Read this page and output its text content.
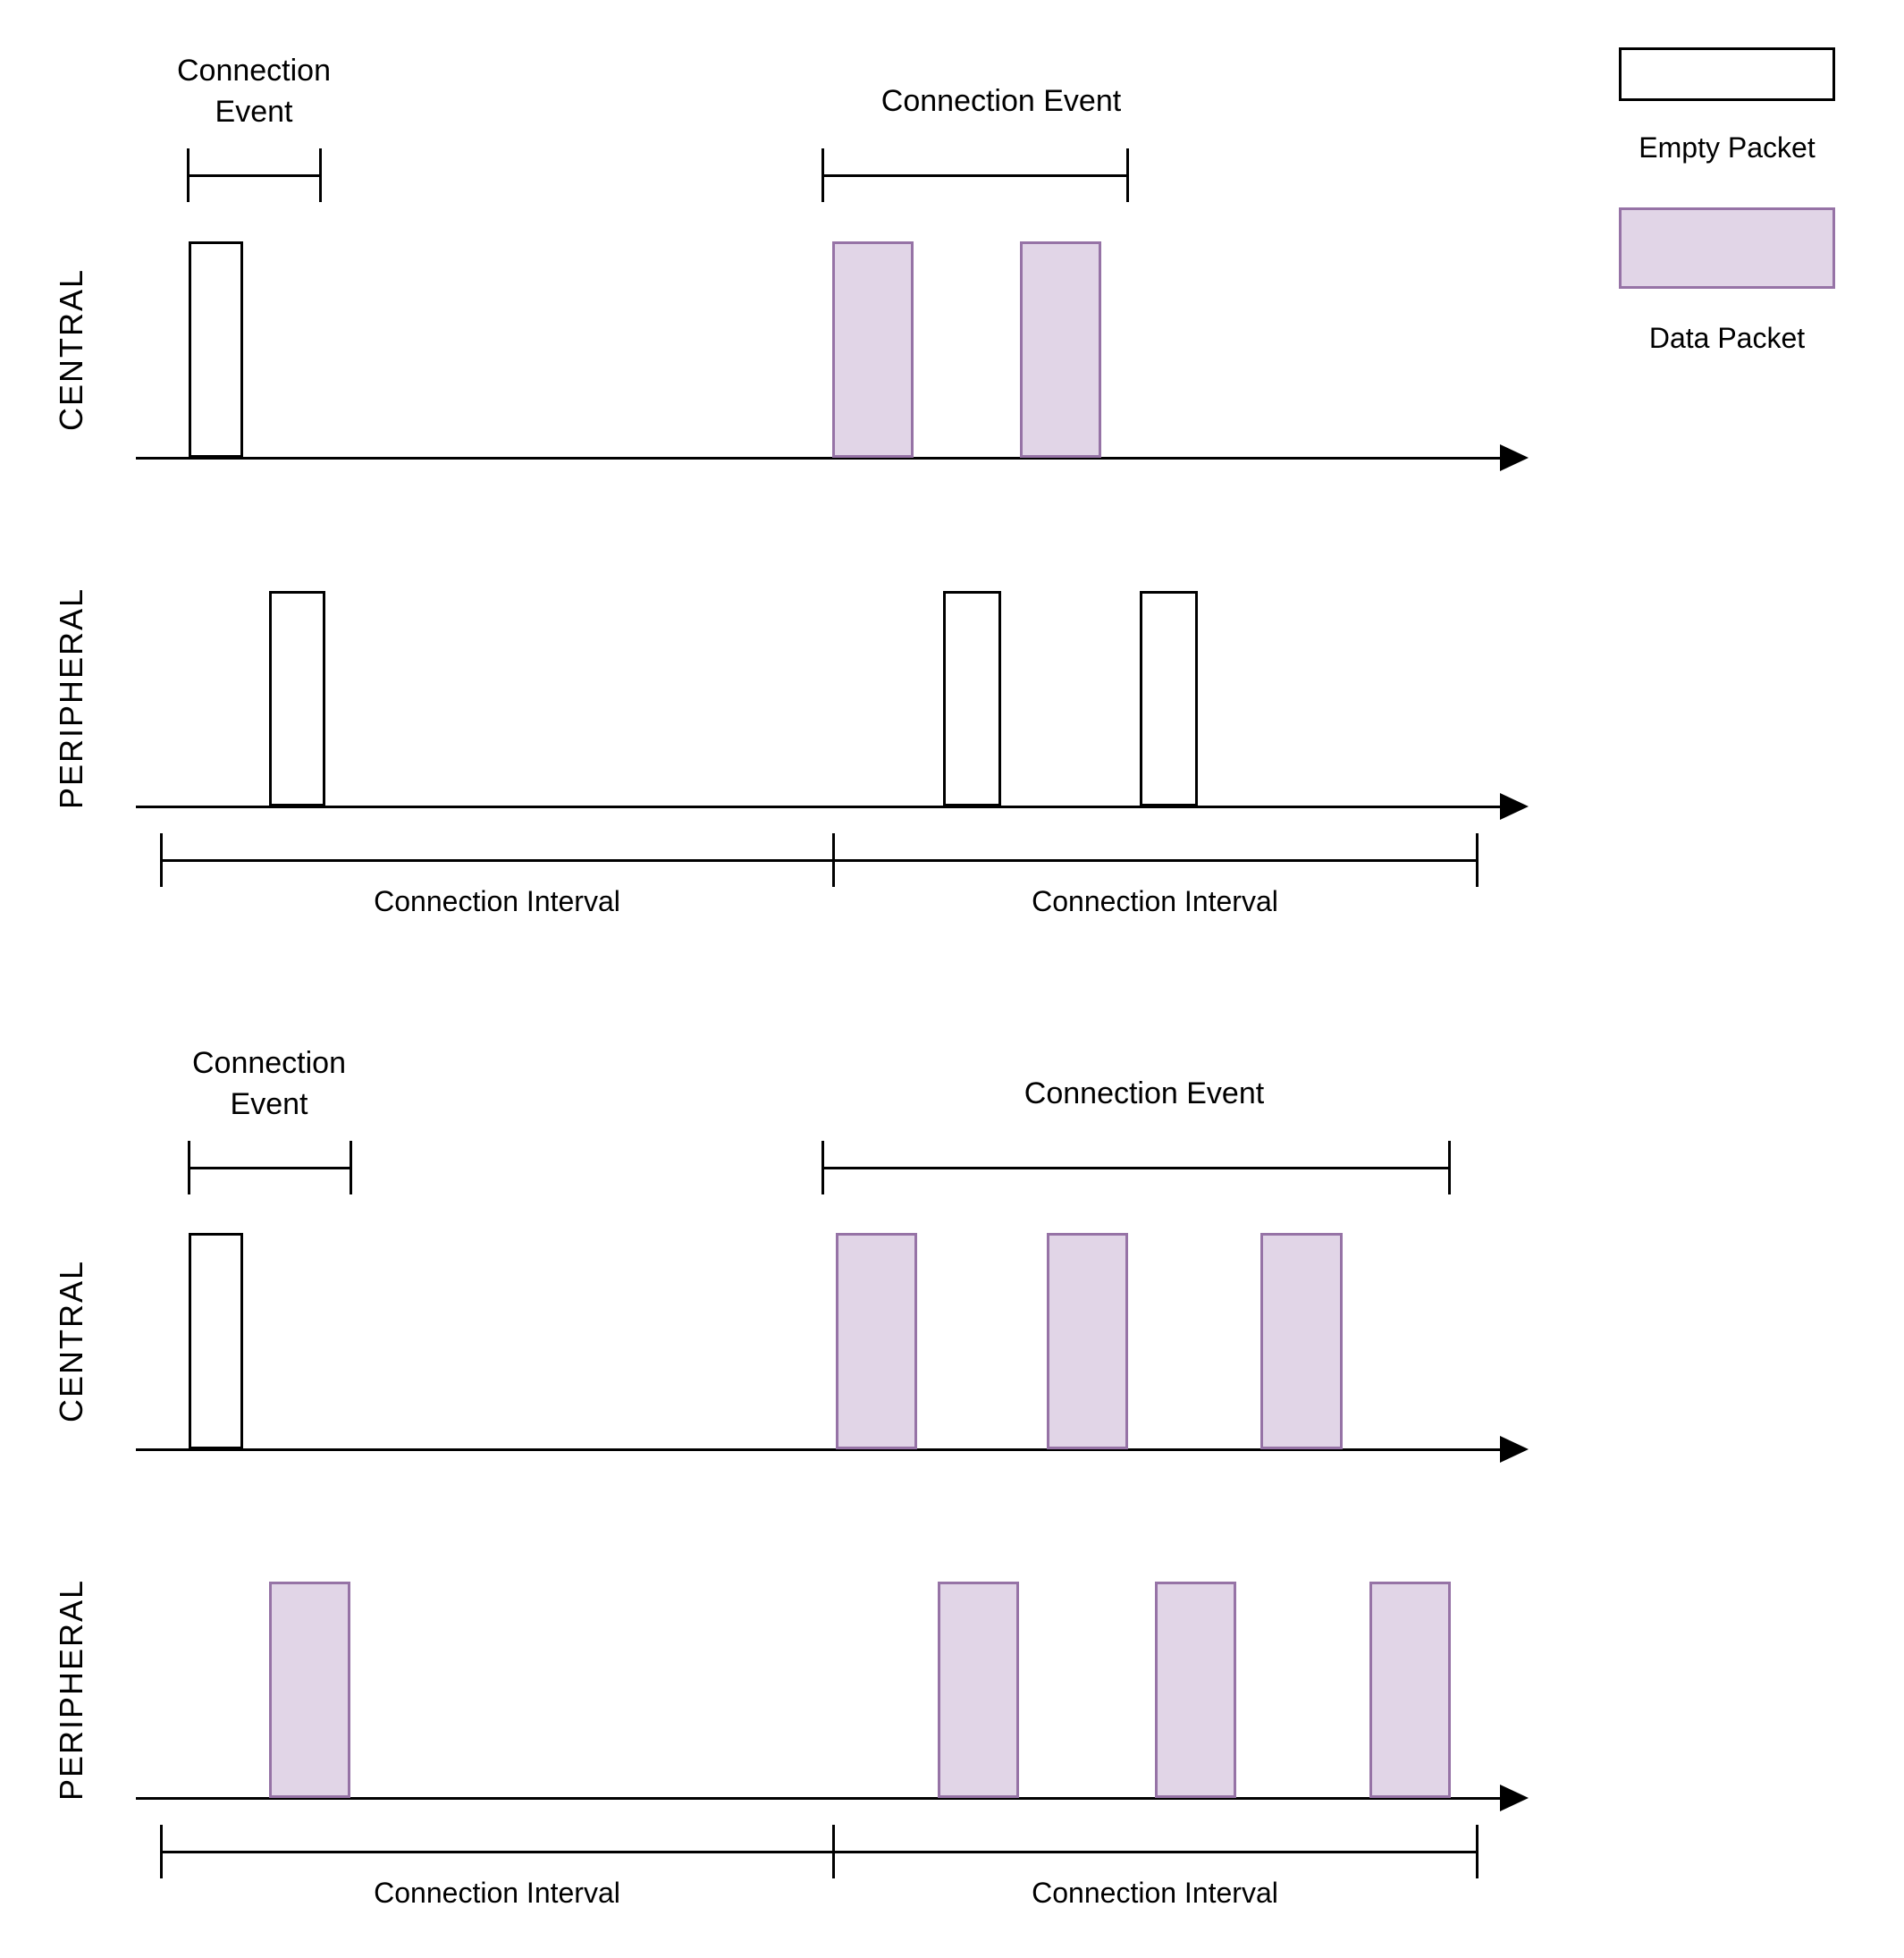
Empty Packet
Data Packet
CENTRAL
PERIPHERAL
Connection
Event	Connection Event
Connection Interval	Connection Interval
CENTRAL
PERIPHERAL
Connection
Event	Connection Event
Connection Interval	Connection Interval
